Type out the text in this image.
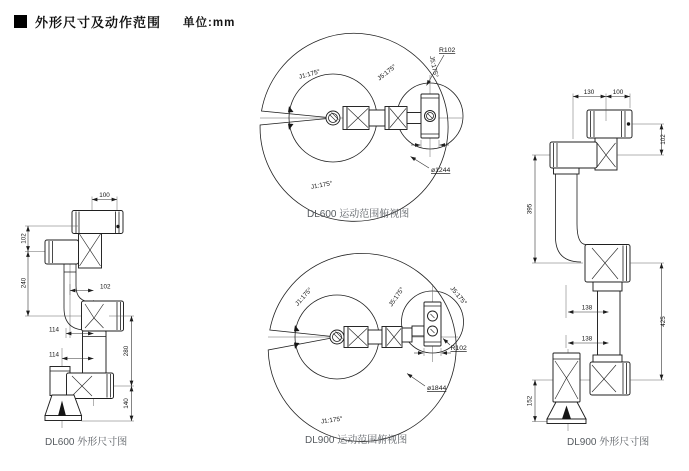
外形尺寸及动作范围 单位:mm
100
102
240	102
114
114	280
140
DL600 外形尺寸图
J1:175°
J1:175°
J5:175°	J5:175°
R102
ø1244
DL600 运动范围俯视图
J1:175°
J1:175°
J5:175°	J5:175°
R102
ø1844
DL900 运动范围俯视图
130	100
102
395
138
138
425
152
DL900 外形尺寸图
